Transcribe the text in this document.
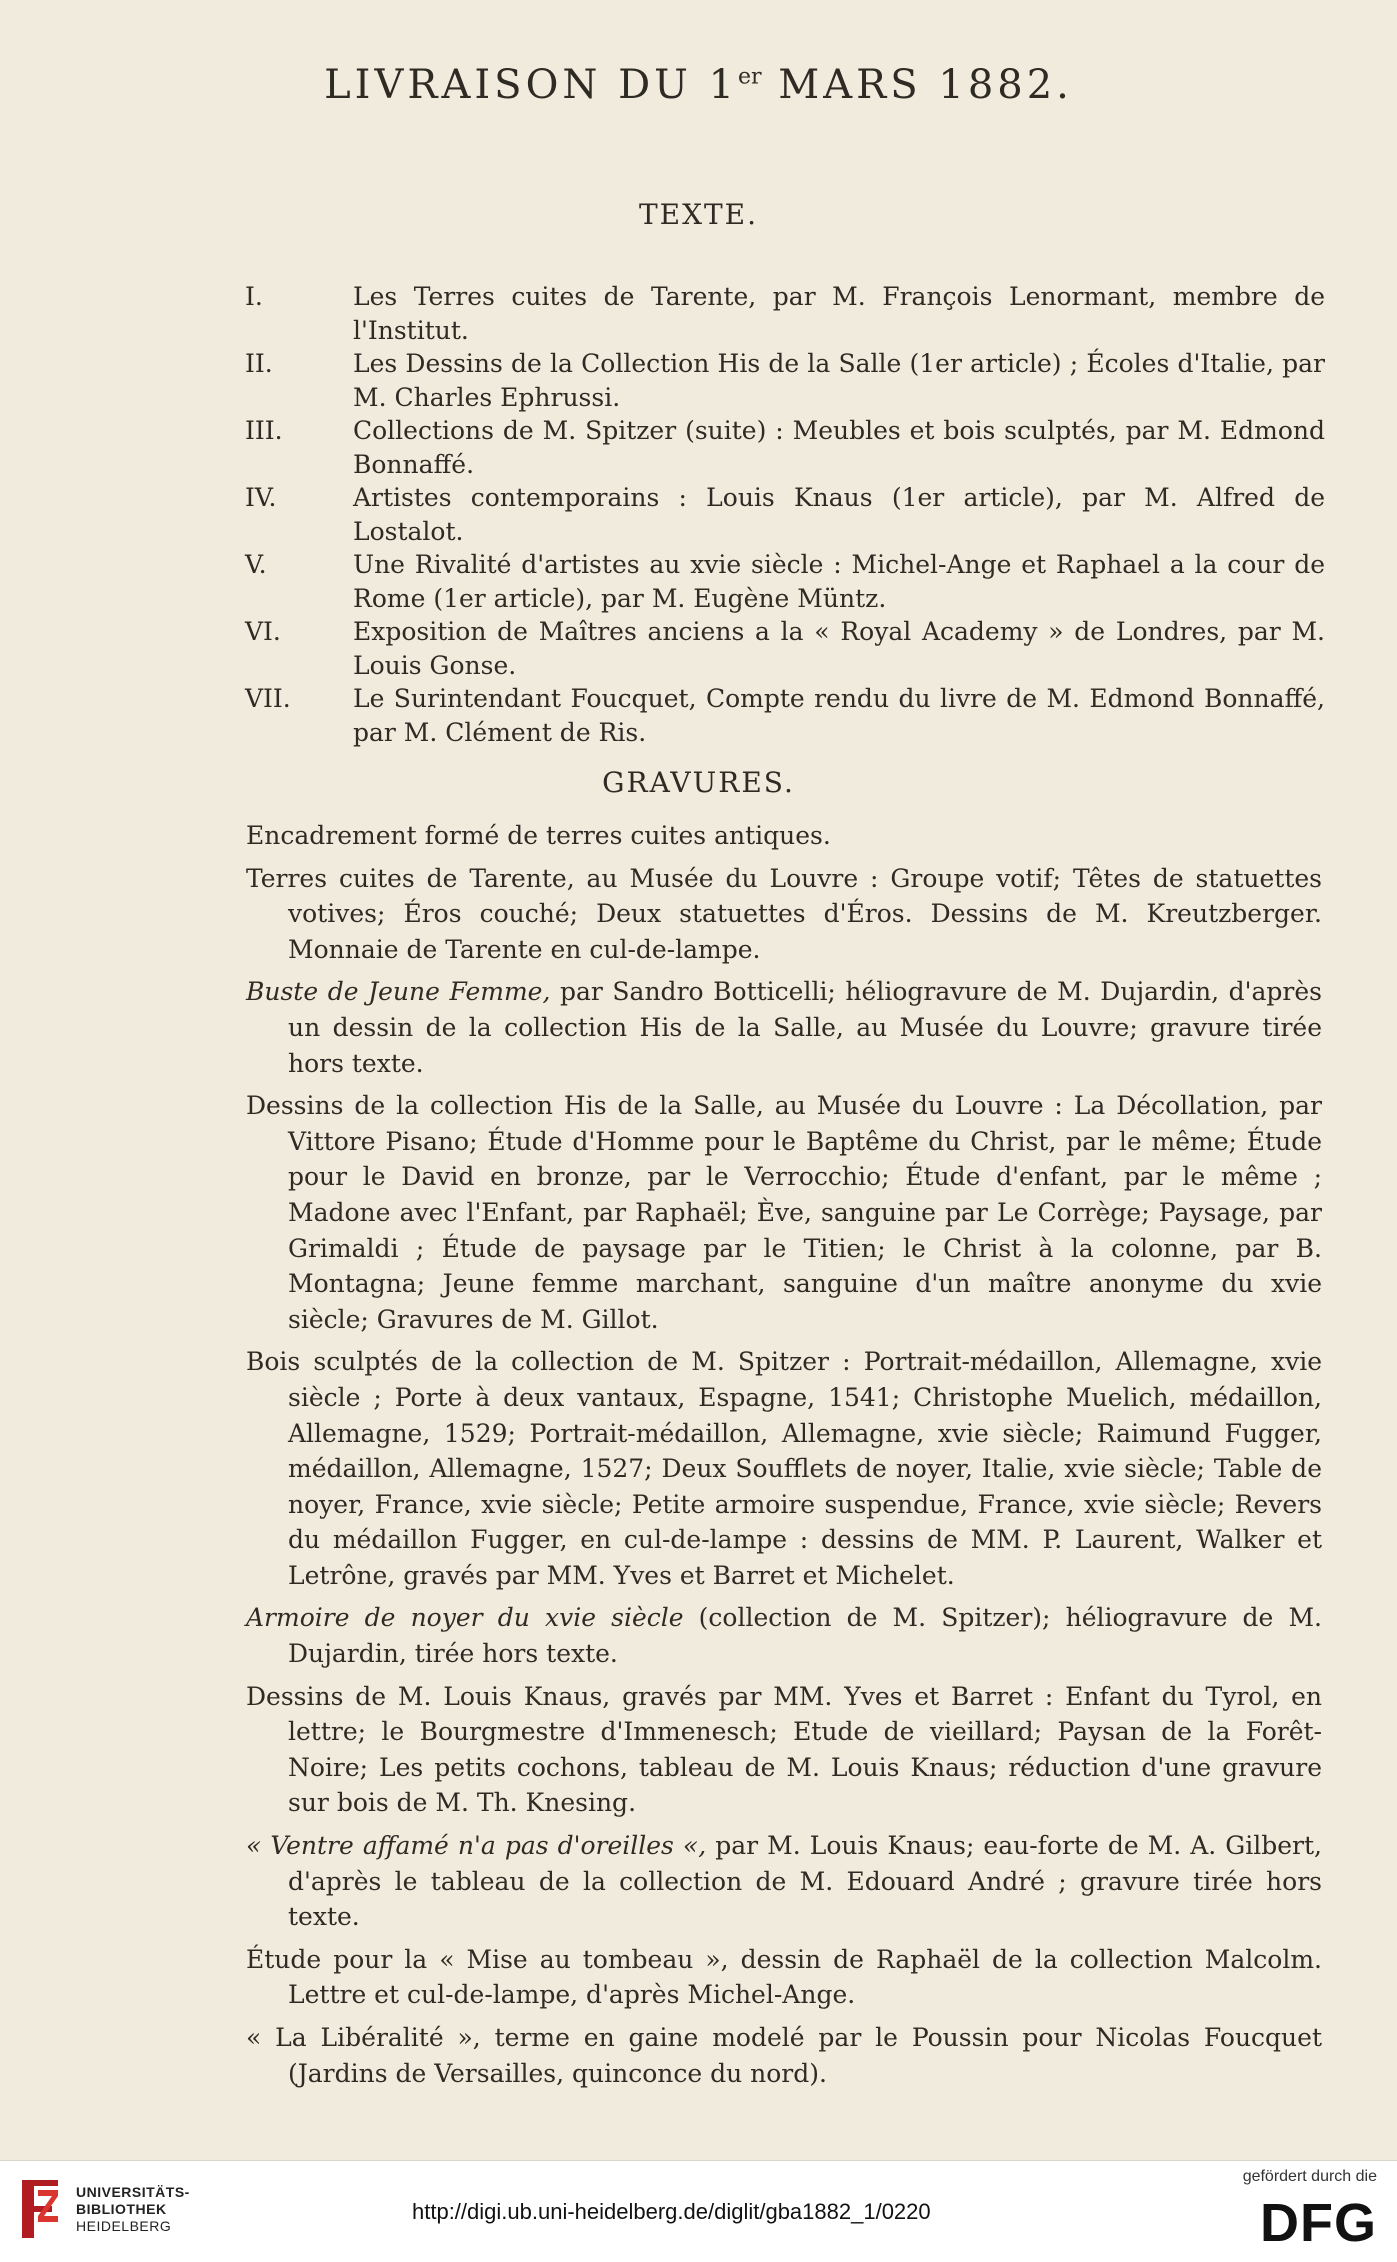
LIVRAISON DU 1er MARS 1882.
TEXTE.
I.	Les Terres cuites de Tarente, par M. François Lenormant, membre de l'Institut.
II.	Les Dessins de la Collection His de la Salle (1er article) ; Écoles d'Italie, par M. Charles Ephrussi.
III.	Collections de M. Spitzer (suite) : Meubles et bois sculptés, par M. Edmond Bonnaffé.
IV.	Artistes contemporains : Louis Knaus (1er article), par M. Alfred de Lostalot.
V.	Une Rivalité d'artistes au xvie siècle : Michel-Ange et Raphael a la cour de Rome (1er article), par M. Eugène Müntz.
VI.	Exposition de Maîtres anciens a la « Royal Academy » de Londres, par M. Louis Gonse.
VII.	Le Surintendant Foucquet, Compte rendu du livre de M. Edmond Bonnaffé, par M. Clément de Ris.
GRAVURES.

Encadrement formé de terres cuites antiques.

Terres cuites de Tarente, au Musée du Louvre : Groupe votif; Têtes de statuettes votives; Éros couché; Deux statuettes d'Éros. Dessins de M. Kreutzberger. Monnaie de Tarente en cul-de-lampe.

Buste de Jeune Femme, par Sandro Botticelli; héliogravure de M. Dujardin, d'après un dessin de la collection His de la Salle, au Musée du Louvre; gravure tirée hors texte.

Dessins de la collection His de la Salle, au Musée du Louvre : La Décollation, par Vittore Pisano; Étude d'Homme pour le Baptême du Christ, par le même; Étude pour le David en bronze, par le Verrocchio; Étude d'enfant, par le même ; Madone avec l'Enfant, par Raphaël; Ève, sanguine par Le Corrège; Paysage, par Grimaldi ; Étude de paysage par le Titien; le Christ à la colonne, par B. Montagna; Jeune femme marchant, sanguine d'un maître anonyme du xvie siècle; Gravures de M. Gillot.

Bois sculptés de la collection de M. Spitzer : Portrait-médaillon, Allemagne, xvie siècle ; Porte à deux vantaux, Espagne, 1541; Christophe Muelich, médaillon, Allemagne, 1529; Portrait-médaillon, Allemagne, xvie siècle; Raimund Fugger, médaillon, Allemagne, 1527; Deux Soufflets de noyer, Italie, xvie siècle; Table de noyer, France, xvie siècle; Petite armoire suspendue, France, xvie siècle; Revers du médaillon Fugger, en cul-de-lampe : dessins de MM. P. Laurent, Walker et Letrône, gravés par MM. Yves et Barret et Michelet.

Armoire de noyer du xvie siècle (collection de M. Spitzer); héliogravure de M. Dujardin, tirée hors texte.

Dessins de M. Louis Knaus, gravés par MM. Yves et Barret : Enfant du Tyrol, en lettre; le Bourgmestre d'Immenesch; Etude de vieillard; Paysan de la Forêt-Noire; Les petits cochons, tableau de M. Louis Knaus; réduction d'une gravure sur bois de M. Th. Knesing.

« Ventre affamé n'a pas d'oreilles «, par M. Louis Knaus; eau-forte de M. A. Gilbert, d'après le tableau de la collection de M. Edouard André ; gravure tirée hors texte.

Étude pour la « Mise au tombeau », dessin de Raphaël de la collection Malcolm. Lettre et cul-de-lampe, d'après Michel-Ange.

« La Libéralité », terme en gaine modelé par le Poussin pour Nicolas Foucquet (Jardins de Versailles, quinconce du nord).

UNIVERSITÄTS-
BIBLIOTHEK
HEIDELBERG
http://digi.ub.uni-heidelberg.de/diglit/gba1882_1/0220
gefördert durch die
DFG
